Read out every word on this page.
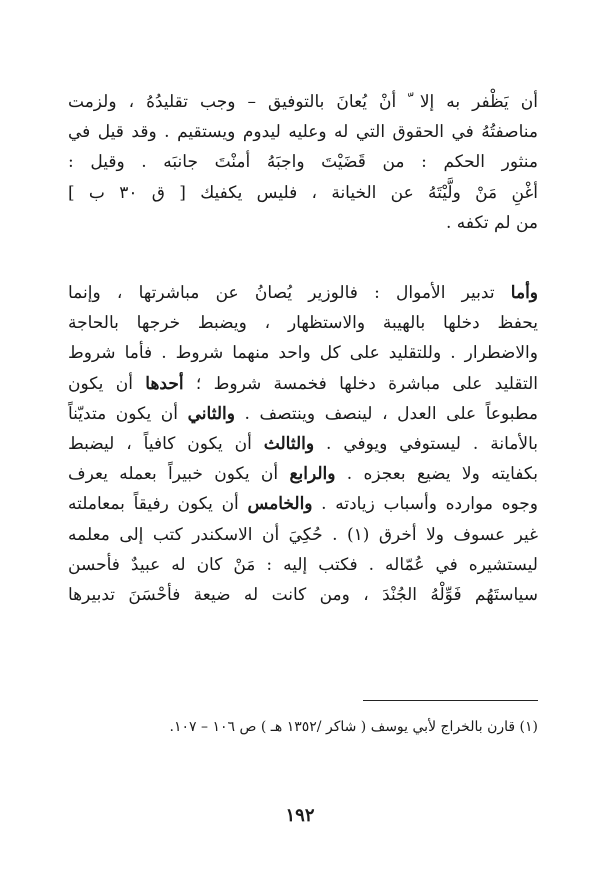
أن يَظْفر به إلا ّ أنْ يُعانَ بالتوفيق – وجب تقليدُهُ ، ولزمت
مناصفتُهُ في الحقوق التي له وعليه ليدوم ويستقيم . وقد قيل في
منثور الحكم : من قَضَيْتَ واجبَهُ أمنْتَ جانبَه . وقيل :
أغْنِ مَنْ ولَّيْتَهُ عن الخيانة ، فليس يكفيك [ ق ٣٠ ب ]
من لم تكفه .
وأما تدبير الأموال : فالوزير يُصانُ عن مباشرتها ، وإنما
يحفظ دخلها بالهيبة والاستظهار ، ويضبط خرجها بالحاجة
والاضطرار . وللتقليد على كل واحد منهما شروط . فأما شروط
التقليد على مباشرة دخلها فخمسة شروط ؛ أحدها أن يكون
مطبوعاً على العدل ، لينصف وينتصف . والثاني أن يكون متديّناً
بالأمانة . ليستوفي ويوفي . والثالث أن يكون كافياً ، ليضبط
بكفايته ولا يضيع بعجزه . والرابع أن يكون خبيراً بعمله يعرف
وجوه موارده وأسباب زيادته . والخامس أن يكون رفيقاً بمعاملته
غير عسوف ولا أخرق (١) . حُكِيَ أن الاسكندر كتب إلى معلمه
ليستشيره في عُمّاله . فكتب إليه : مَنْ كان له عبيدٌ فأحسن
سياستَهُم فَوِّلْهُ الجُنْدَ ، ومن كانت له ضيعة فأحْسَنَ تدبيرها
(١) قارن بالخراج لأبي يوسف ( شاكر /١٣٥٢ هـ ) ص ١٠٦ – ١٠٧.
١٩٢
